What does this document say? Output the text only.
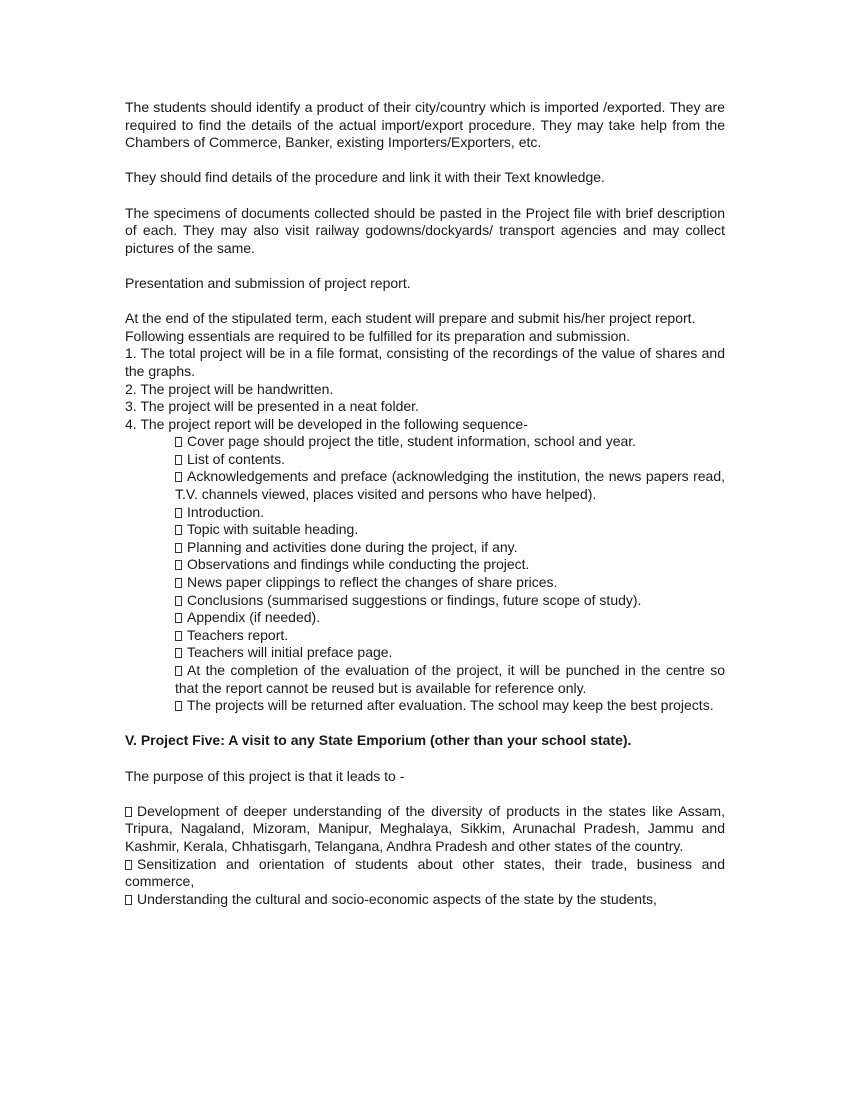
The students should identify a product of their city/country which is imported /exported. They are required to find the details of the actual import/export procedure. They may take help from the Chambers of Commerce, Banker, existing Importers/Exporters, etc.

They should find details of the procedure and link it with their Text knowledge.

The specimens of documents collected should be pasted in the Project file with brief description of each. They may also visit railway godowns/dockyards/ transport agencies and may collect pictures of the same.

Presentation and submission of project report.

At the end of the stipulated term, each student will prepare and submit his/her project report.

Following essentials are required to be fulfilled for its preparation and submission.

1. The total project will be in a file format, consisting of the recordings of the value of shares and the graphs.

2. The project will be handwritten.

3. The project will be presented in a neat folder.

4. The project report will be developed in the following sequence-

Cover page should project the title, student information, school and year.

List of contents.

Acknowledgements and preface (acknowledging the institution, the news papers read, T.V. channels viewed, places visited and persons who have helped).

Introduction.

Topic with suitable heading.

Planning and activities done during the project, if any.

Observations and findings while conducting the project.

News paper clippings to reflect the changes of share prices.

Conclusions (summarised suggestions or findings, future scope of study).

Appendix (if needed).

Teachers report.

Teachers will initial preface page.

At the completion of the evaluation of the project, it will be punched in the centre so that the report cannot be reused but is available for reference only.

The projects will be returned after evaluation. The school may keep the best projects.

V. Project Five: A visit to any State Emporium (other than your school state).

The purpose of this project is that it leads to -

Development of deeper understanding of the diversity of products in the states like Assam, Tripura, Nagaland, Mizoram, Manipur, Meghalaya, Sikkim, Arunachal Pradesh, Jammu and Kashmir, Kerala, Chhatisgarh, Telangana, Andhra Pradesh and other states of the country.

Sensitization and orientation of students about other states, their trade, business and commerce,

Understanding the cultural and socio-economic aspects of the state by the students,
